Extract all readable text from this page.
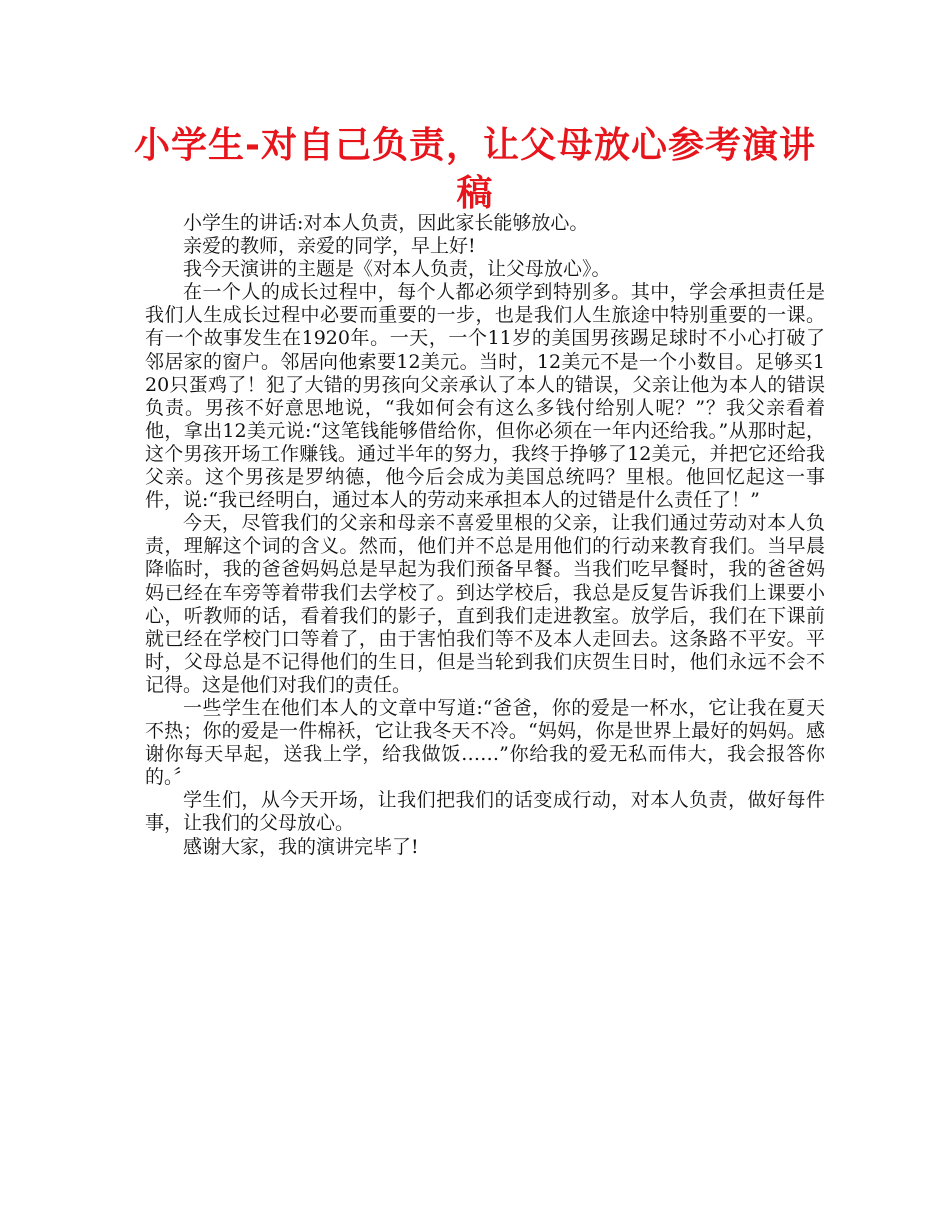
小学生-对自己负责，让父母放心参考演讲稿

小学生的讲话:对本人负责，因此家长能够放心。

亲爱的教师，亲爱的同学，早上好!

我今天演讲的主题是《对本人负责，让父母放心》。

在一个人的成长过程中，每个人都必须学到特别多。其中，学会承担责任是我们人生成长过程中必要而重要的一步，也是我们人生旅途中特别重要的一课。有一个故事发生在1920年。一天，一个11岁的美国男孩踢足球时不小心打破了邻居家的窗户。邻居向他索要12美元。当时，12美元不是一个小数目。足够买120只蛋鸡了！犯了大错的男孩向父亲承认了本人的错误，父亲让他为本人的错误负责。男孩不好意思地说，“我如何会有这么多钱付给别人呢？”？我父亲看着他，拿出12美元说:“这笔钱能够借给你，但你必须在一年内还给我。”从那时起，这个男孩开场工作赚钱。通过半年的努力，我终于挣够了12美元，并把它还给我父亲。这个男孩是罗纳德，他今后会成为美国总统吗？里根。他回忆起这一事件，说:“我已经明白，通过本人的劳动来承担本人的过错是什么责任了！”

今天，尽管我们的父亲和母亲不喜爱里根的父亲，让我们通过劳动对本人负责，理解这个词的含义。然而，他们并不总是用他们的行动来教育我们。当早晨降临时，我的爸爸妈妈总是早起为我们预备早餐。当我们吃早餐时，我的爸爸妈妈已经在车旁等着带我们去学校了。到达学校后，我总是反复告诉我们上课要小心，听教师的话，看着我们的影子，直到我们走进教室。放学后，我们在下课前就已经在学校门口等着了，由于害怕我们等不及本人走回去。这条路不平安。平时，父母总是不记得他们的生日，但是当轮到我们庆贺生日时，他们永远不会不记得。这是他们对我们的责任。

一些学生在他们本人的文章中写道:“爸爸，你的爱是一杯水，它让我在夏天不热；你的爱是一件棉袄，它让我冬天不冷。“妈妈，你是世界上最好的妈妈。感谢你每天早起，送我上学，给我做饭……”你给我的爱无私而伟大，我会报答你的。〞

学生们，从今天开场，让我们把我们的话变成行动，对本人负责，做好每件事，让我们的父母放心。

感谢大家，我的演讲完毕了!
